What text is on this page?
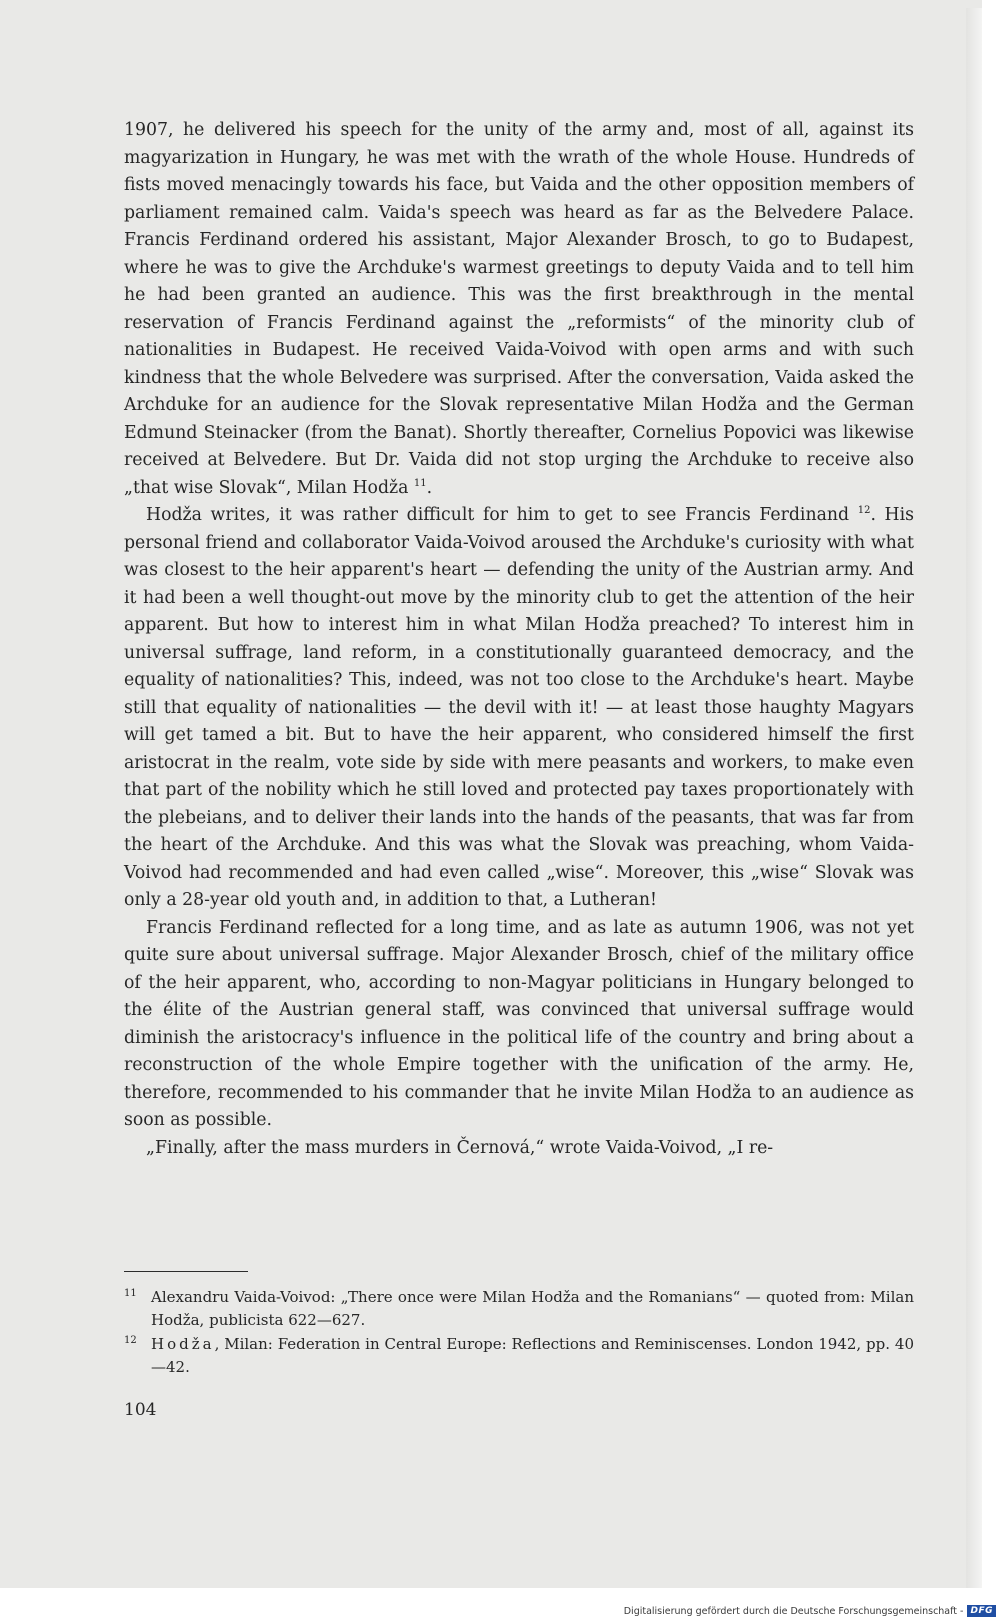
1907, he delivered his speech for the unity of the army and, most of all, against its magyarization in Hungary, he was met with the wrath of the whole House. Hundreds of fists moved menacingly towards his face, but Vaida and the other opposition members of parliament remained calm. Vaida's speech was heard as far as the Belvedere Palace. Francis Ferdinand ordered his assistant, Major Alexander Brosch, to go to Budapest, where he was to give the Archduke's warmest greetings to deputy Vaida and to tell him he had been granted an audience. This was the first breakthrough in the mental reservation of Francis Ferdinand against the „reformists“ of the minority club of nationalities in Budapest. He received Vaida-Voivod with open arms and with such kindness that the whole Belvedere was surprised. After the conversation, Vaida asked the Archduke for an audience for the Slovak representative Milan Hodža and the German Edmund Steinacker (from the Banat). Shortly thereafter, Cornelius Popovici was likewise received at Belvedere. But Dr. Vaida did not stop urging the Archduke to receive also „that wise Slovak“, Milan Hodža $^{11}$.

Hodža writes, it was rather difficult for him to get to see Francis Ferdinand $^{12}$. His personal friend and collaborator Vaida-Voivod aroused the Archduke's curiosity with what was closest to the heir apparent's heart — defending the unity of the Austrian army. And it had been a well thought-out move by the minority club to get the attention of the heir apparent. But how to interest him in what Milan Hodža preached? To interest him in universal suffrage, land reform, in a constitutionally guaranteed democracy, and the equality of nationalities? This, indeed, was not too close to the Archduke's heart. Maybe still that equality of nationalities — the devil with it! — at least those haughty Magyars will get tamed a bit. But to have the heir apparent, who considered himself the first aristocrat in the realm, vote side by side with mere peasants and workers, to make even that part of the nobility which he still loved and protected pay taxes proportionately with the plebeians, and to deliver their lands into the hands of the peasants, that was far from the heart of the Archduke. And this was what the Slovak was preaching, whom Vaida-Voivod had recommended and had even called „wise“. Moreover, this „wise“ Slovak was only a 28-year old youth and, in addition to that, a Lutheran!

Francis Ferdinand reflected for a long time, and as late as autumn 1906, was not yet quite sure about universal suffrage. Major Alexander Brosch, chief of the military office of the heir apparent, who, according to non-Magyar politicians in Hungary belonged to the élite of the Austrian general staff, was convinced that universal suffrage would diminish the aristocracy's influence in the political life of the country and bring about a reconstruction of the whole Empire together with the unification of the army. He, therefore, recommended to his commander that he invite Milan Hodža to an audience as soon as possible.

„Finally, after the mass murders in Černová,“ wrote Vaida-Voivod, „I re-

11 Alexandru Vaida-Voivod: „There once were Milan Hodža and the Romanians“ — quoted from: Milan Hodža, publicista 622—627.
12 Hodža, Milan: Federation in Central Europe: Reflections and Reminiscenses. London 1942, pp. 40—42.
104
Digitalisierung gefördert durch die Deutsche Forschungsgemeinschaft - DFG
